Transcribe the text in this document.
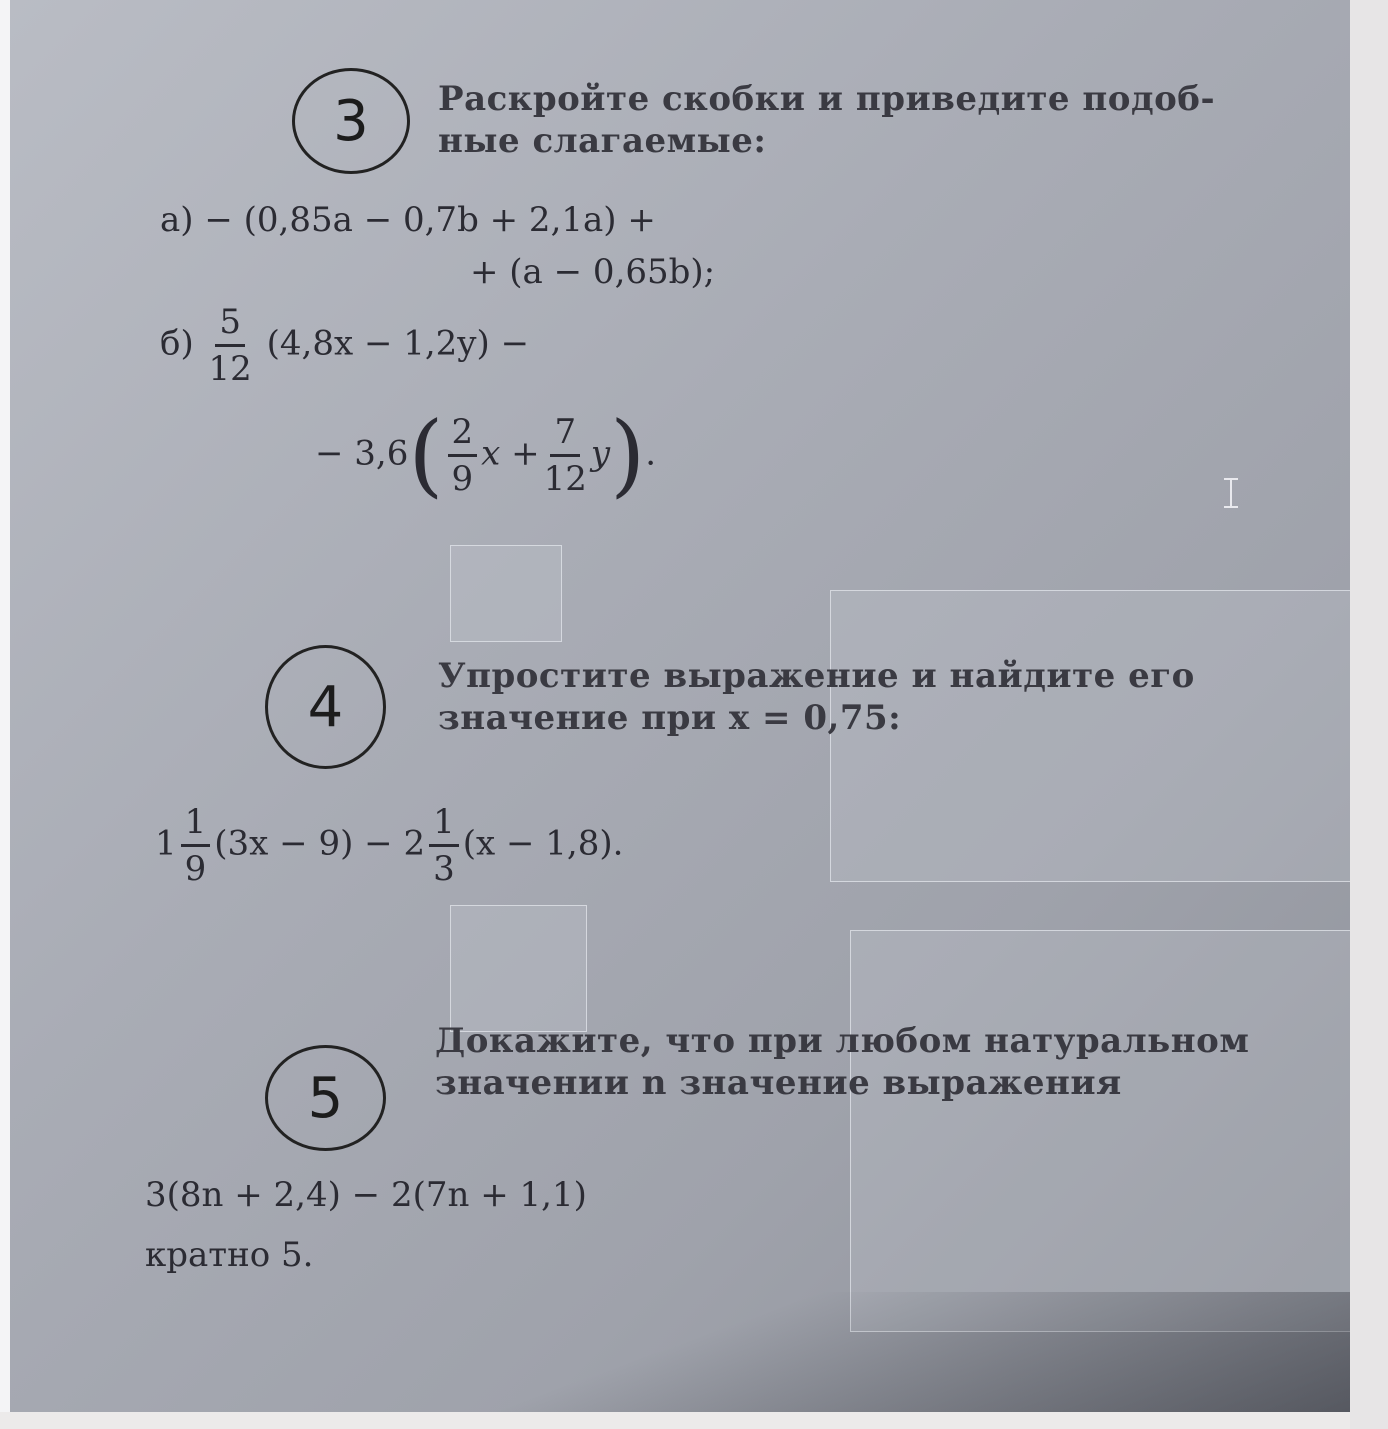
3 Раскройте скобки и приведите подоб-
ные слагаемые:
а) − (0,85a − 0,7b + 2,1a) +
+ (a − 0,65b);
$б) \frac{5}{12} (4,8x - 1,2y)$ −
− $3,6( \frac{2}{9}$ $x + \frac{7}{12} y$).
4	Упростите выражение и найдите его
значение при x = 0,75:
$1 \frac{1}{9} (3x - 9) - 2 \frac{1}{3} (x - 1,8)$.
5
Докажите, что при любом натуральном
значении n значение выражения
3(8n + 2,4) − 2(7n + 1,1)
кратно 5.
